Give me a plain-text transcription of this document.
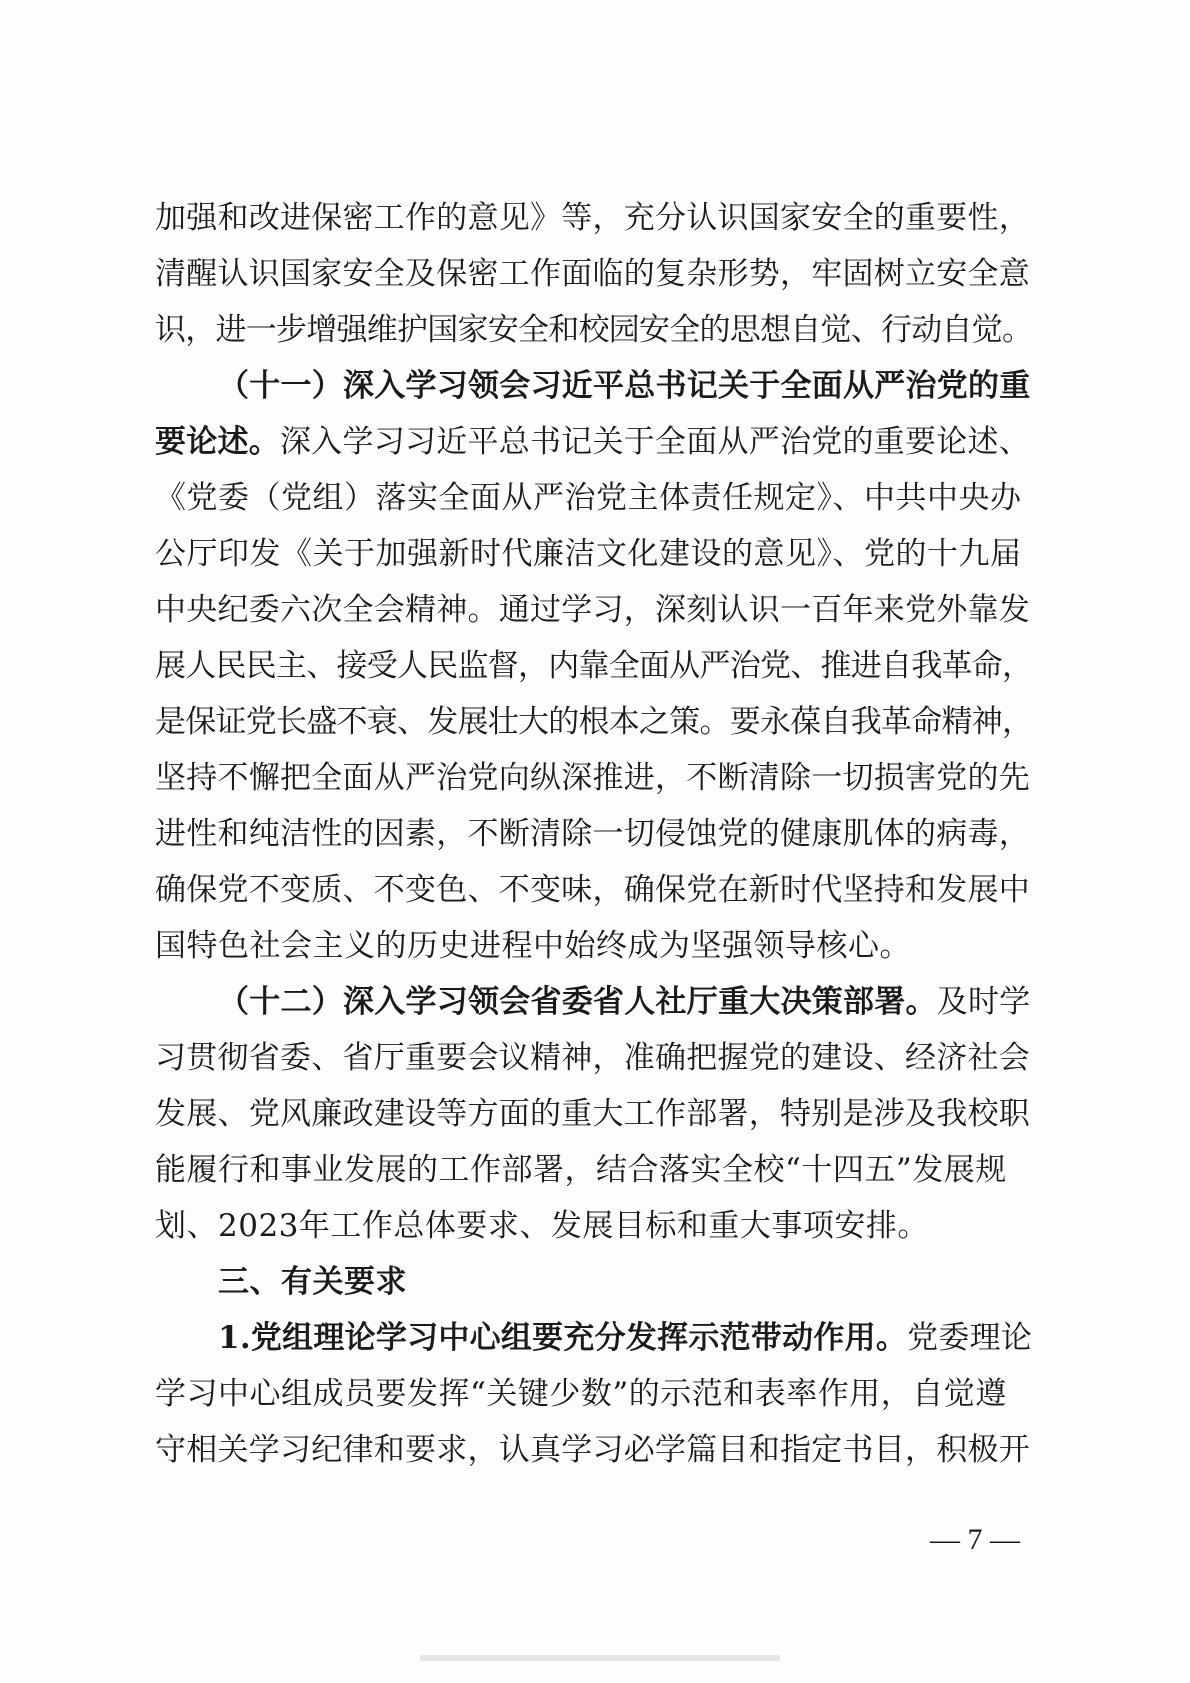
加强和改进保密工作的意见》等，充分认识国家安全的重要性，
清醒认识国家安全及保密工作面临的复杂形势，牢固树立安全意
识，进一步增强维护国家安全和校园安全的思想自觉、行动自觉。
（十一）深入学习领会习近平总书记关于全面从严治党的重
要论述。深入学习习近平总书记关于全面从严治党的重要论述、
《党委（党组）落实全面从严治党主体责任规定》、中共中央办
公厅印发《关于加强新时代廉洁文化建设的意见》、党的十九届
中央纪委六次全会精神。通过学习，深刻认识一百年来党外靠发
展人民民主、接受人民监督，内靠全面从严治党、推进自我革命，
是保证党长盛不衰、发展壮大的根本之策。要永葆自我革命精神，
坚持不懈把全面从严治党向纵深推进，不断清除一切损害党的先
进性和纯洁性的因素，不断清除一切侵蚀党的健康肌体的病毒，
确保党不变质、不变色、不变味，确保党在新时代坚持和发展中
国特色社会主义的历史进程中始终成为坚强领导核心。
（十二）深入学习领会省委省人社厅重大决策部署。及时学
习贯彻省委、省厅重要会议精神，准确把握党的建设、经济社会
发展、党风廉政建设等方面的重大工作部署，特别是涉及我校职
能履行和事业发展的工作部署，结合落实全校“十四五”发展规
划、2023年工作总体要求、发展目标和重大事项安排。
三、有关要求
1.党组理论学习中心组要充分发挥示范带动作用。党委理论
学习中心组成员要发挥“关键少数”的示范和表率作用，自觉遵
守相关学习纪律和要求，认真学习必学篇目和指定书目，积极开
— 7 —
